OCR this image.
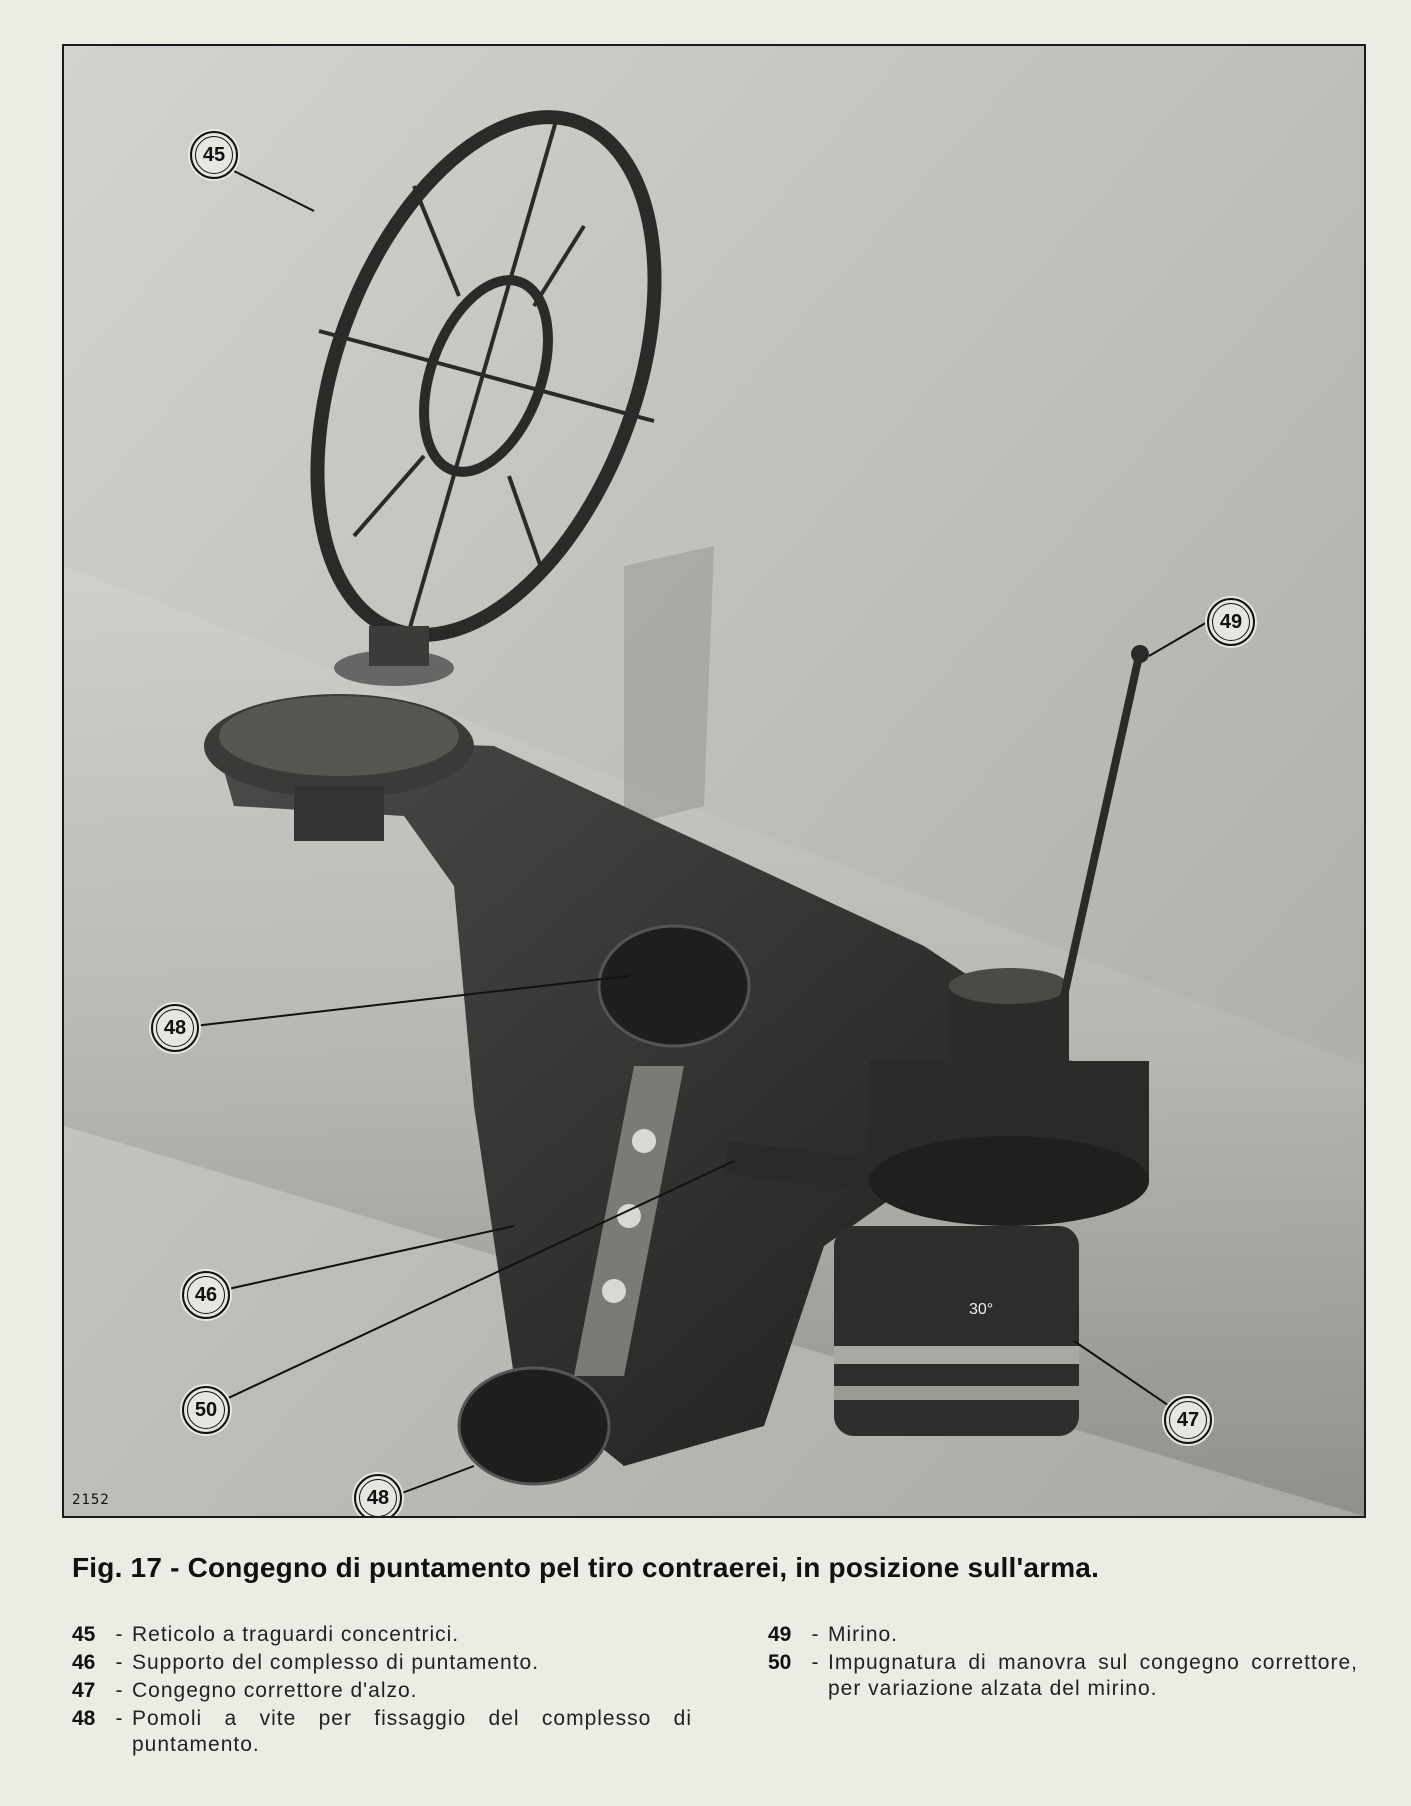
45
49
48
46
50	47
48
30°
2152
Fig. 17 - Congegno di puntamento pel tiro contraerei, in posizione sull'arma.
45 - Reticolo a traguardi concentrici.
46 - Supporto del complesso di puntamento.
47 - Congegno correttore d'alzo.
48 - Pomoli a vite per fissaggio del complesso di puntamento.
49 - Mirino.
50 - Impugnatura di manovra sul congegno correttore, per variazione alzata del mirino.
